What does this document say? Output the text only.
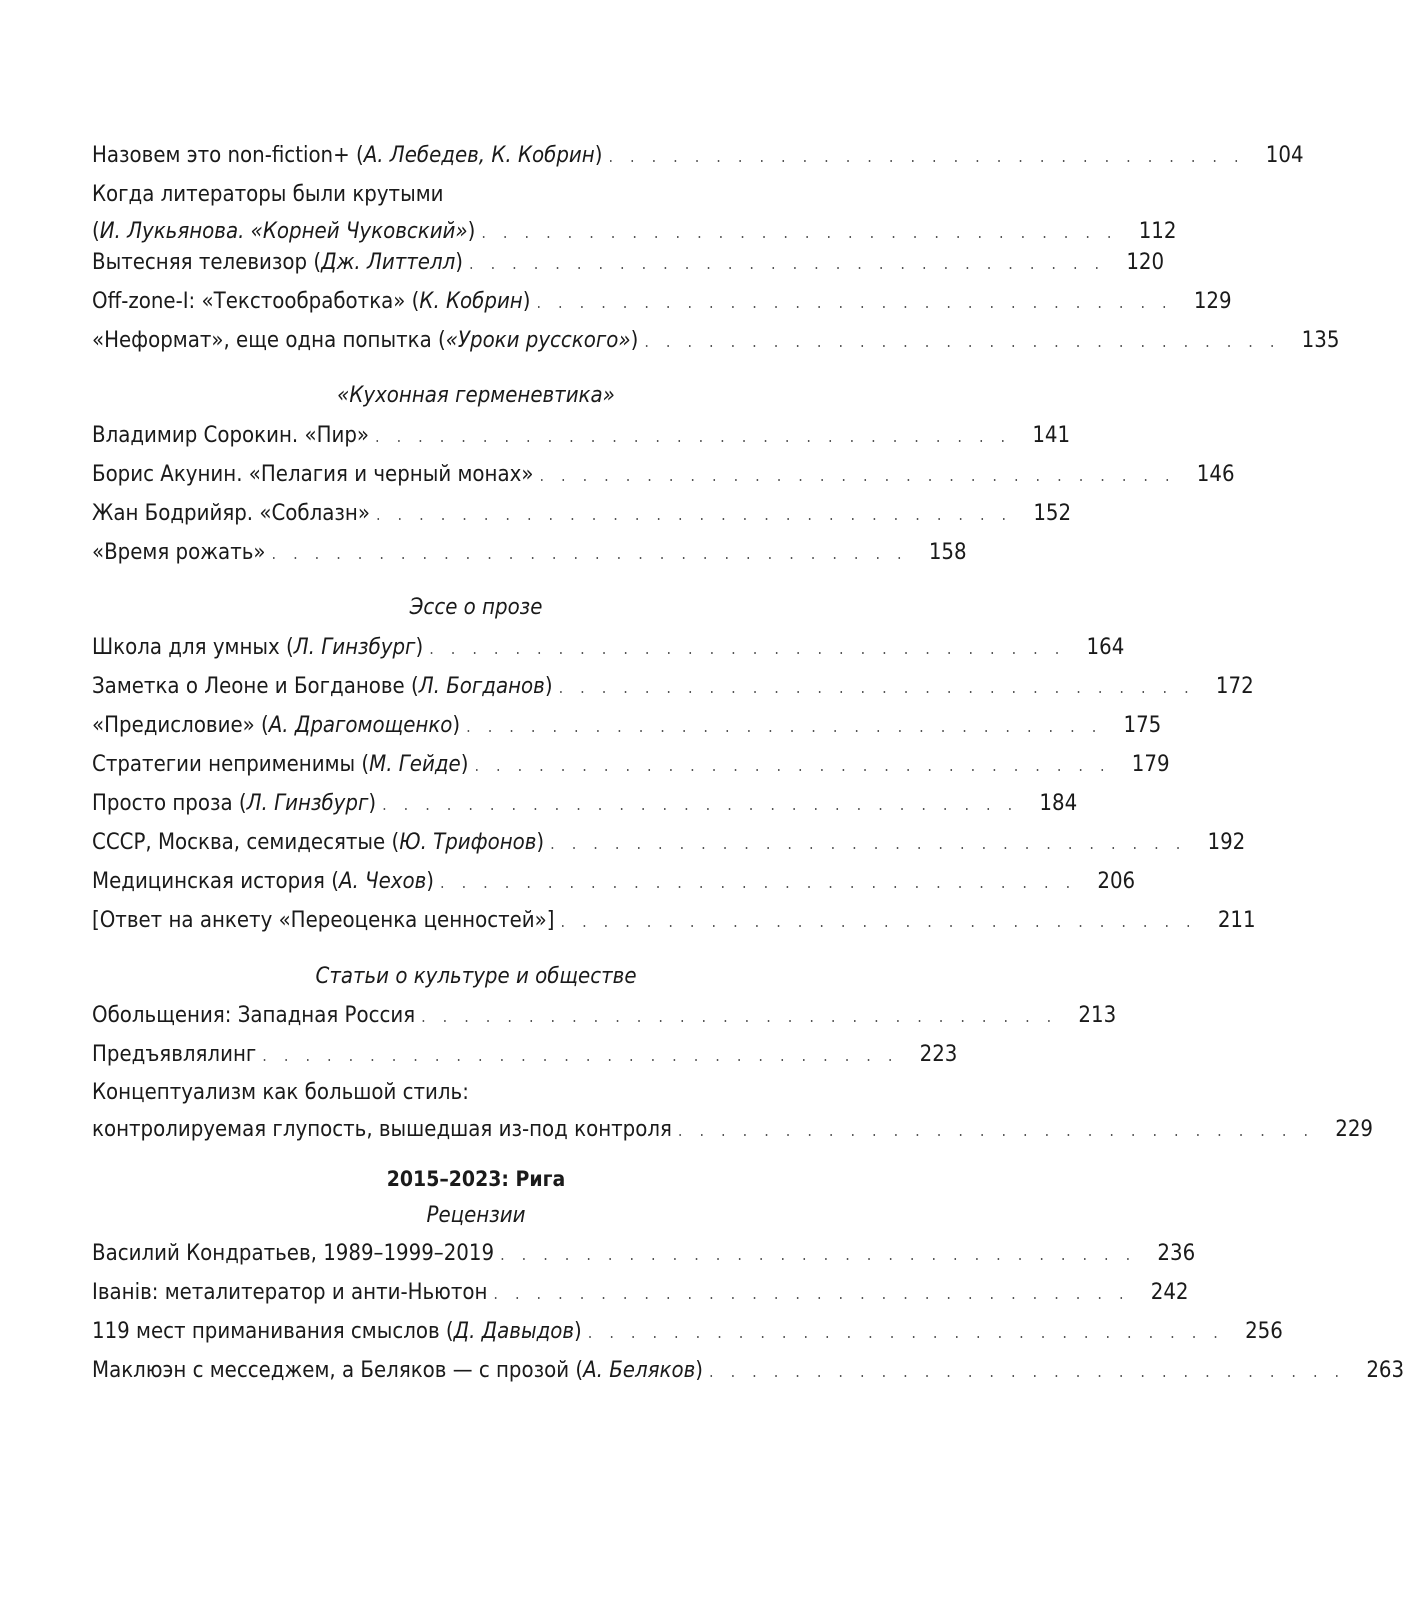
Назовем это non-fiction+ (А. Лебедев, К. Кобрин) .............................. 104
Когда литераторы были крутыми
(И. Лукьянова. «Корней Чуковский») .............................. 112
Вытесняя телевизор (Дж. Литтелл) .............................. 120
Off-zone-I: «Текстообработка» (К. Кобрин) .............................. 129
«Неформат», еще одна попытка («Уроки русского») .............................. 135
«Кухонная герменевтика»
Владимир Сорокин. «Пир» .............................. 141
Борис Акунин. «Пелагия и черный монах» .............................. 146
Жан Бодрийяр. «Соблазн» .............................. 152
«Время рожать» .............................. 158
Эссе о прозе
Школа для умных (Л. Гинзбург) .............................. 164
Заметка о Леоне и Богданове (Л. Богданов) .............................. 172
«Предисловие» (А. Драгомощенко) .............................. 175
Стратегии неприменимы (М. Гейде) .............................. 179
Просто проза (Л. Гинзбург) .............................. 184
СССР, Москва, семидесятые (Ю. Трифонов) .............................. 192
Медицинская история (А. Чехов) .............................. 206
[Ответ на анкету «Переоценка ценностей»] .............................. 211
Статьи о культуре и обществе
Обольщения: Западная Россия .............................. 213
Предъявлялинг .............................. 223
Концептуализм как большой стиль:
контролируемая глупость, вышедшая из-под контроля .............................. 229
2015–2023: Рига
Рецензии
Василий Кондратьев, 1989–1999–2019 .............................. 236
Іванів: металитератор и анти-Ньютон .............................. 242
119 мест приманивания смыслов (Д. Давыдов) .............................. 256
Маклюэн с месседжем, а Беляков — с прозой (А. Беляков) .............................. 263
